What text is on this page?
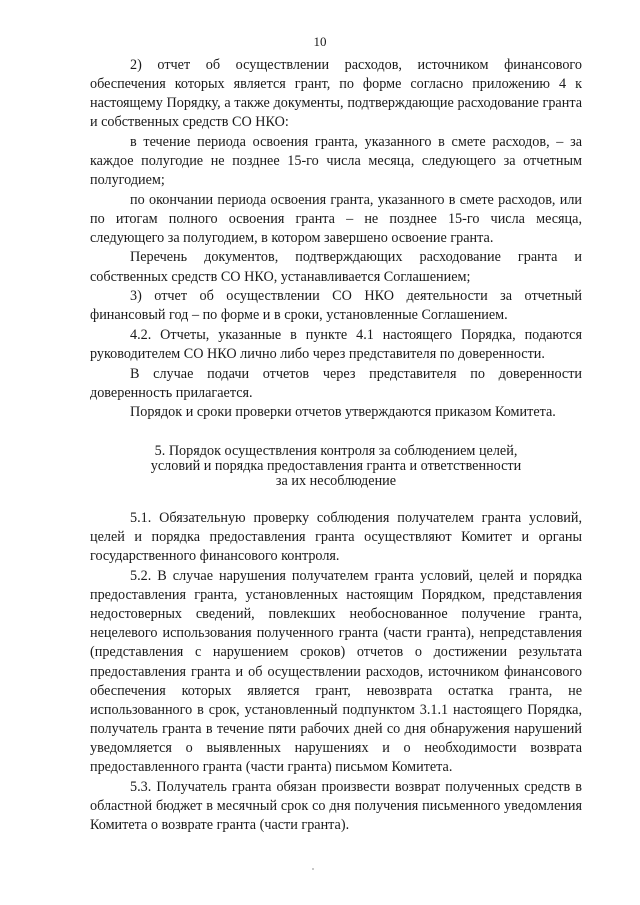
10

2) отчет об осуществлении расходов, источником финансового обеспечения которых является грант, по форме согласно приложению 4 к настоящему Порядку, а также документы, подтверждающие расходование гранта и собственных средств СО НКО:

в течение периода освоения гранта, указанного в смете расходов, – за каждое полугодие не позднее 15-го числа месяца, следующего за отчетным полугодием;

по окончании периода освоения гранта, указанного в смете расходов, или по итогам полного освоения гранта – не позднее 15-го числа месяца, следующего за полугодием, в котором завершено освоение гранта.

Перечень документов, подтверждающих расходование гранта и собственных средств СО НКО, устанавливается Соглашением;

3) отчет об осуществлении СО НКО деятельности за отчетный финансовый год – по форме и в сроки, установленные Соглашением.

4.2. Отчеты, указанные в пункте 4.1 настоящего Порядка, подаются руководителем СО НКО лично либо через представителя по доверенности.

В случае подачи отчетов через представителя по доверенности доверенность прилагается.

Порядок и сроки проверки отчетов утверждаются приказом Комитета.

5. Порядок осуществления контроля за соблюдением целей,
условий и порядка предоставления гранта и ответственности
за их несоблюдение

5.1. Обязательную проверку соблюдения получателем гранта условий, целей и порядка предоставления гранта осуществляют Комитет и органы государственного финансового контроля.

5.2. В случае нарушения получателем гранта условий, целей и порядка предоставления гранта, установленных настоящим Порядком, представления недостоверных сведений, повлекших необоснованное получение гранта, нецелевого использования полученного гранта (части гранта), непредставления (представления с нарушением сроков) отчетов о достижении результата предоставления гранта и об осуществлении расходов, источником финансового обеспечения которых является грант, невозврата остатка гранта, не использованного в срок, установленный подпунктом 3.1.1 настоящего Порядка, получатель гранта в течение пяти рабочих дней со дня обнаружения нарушений уведомляется о выявленных нарушениях и о необходимости возврата предоставленного гранта (части гранта) письмом Комитета.

5.3. Получатель гранта обязан произвести возврат полученных средств в областной бюджет в месячный срок со дня получения письменного уведомления Комитета о возврате гранта (части гранта).
